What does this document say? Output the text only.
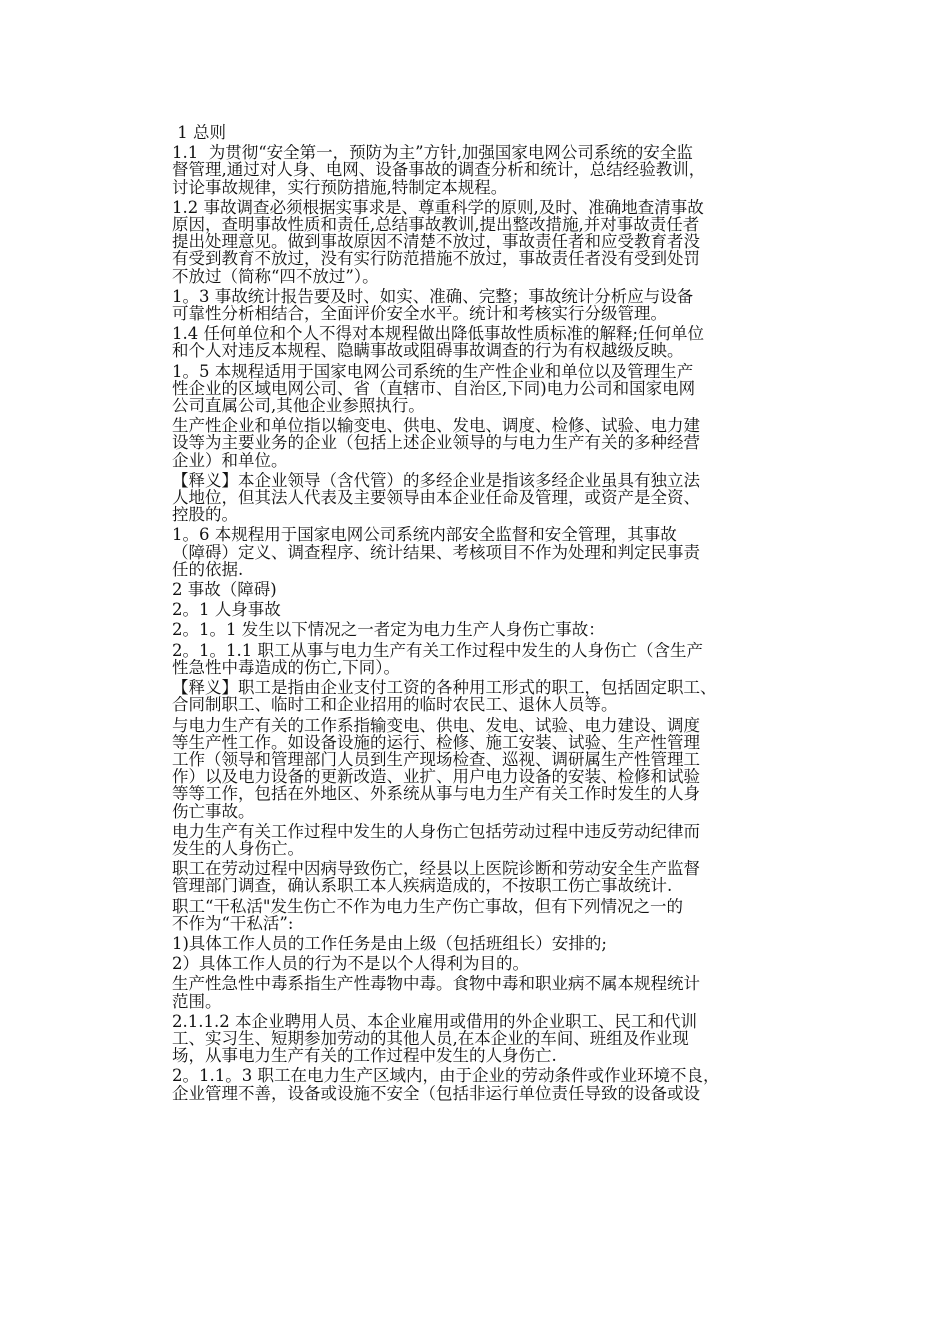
1 总则
1.1  为贯彻“安全第一，预防为主”方针,加强国家电网公司系统的安全监
督管理,通过对人身、电网、设备事故的调查分析和统计，总结经验教训，
讨论事故规律，实行预防措施,特制定本规程。
1.2 事故调查必须根据实事求是、尊重科学的原则,及时、准确地查清事故
原因，查明事故性质和责任,总结事故教训,提出整改措施,并对事故责任者
提出处理意见。做到事故原因不清楚不放过，事故责任者和应受教育者没
有受到教育不放过，没有实行防范措施不放过，事故责任者没有受到处罚
不放过（简称“四不放过”）。
1。3 事故统计报告要及时、如实、准确、完整；事故统计分析应与设备
可靠性分析相结合，全面评价安全水平。统计和考核实行分级管理。
1.4 任何单位和个人不得对本规程做出降低事故性质标准的解释;任何单位
和个人对违反本规程、隐瞒事故或阻碍事故调查的行为有权越级反映。
1。5 本规程适用于国家电网公司系统的生产性企业和单位以及管理生产
性企业的区域电网公司、省（直辖市、自治区,下同)电力公司和国家电网
公司直属公司,其他企业参照执行。
生产性企业和单位指以输变电、供电、发电、调度、检修、试验、电力建
设等为主要业务的企业（包括上述企业领导的与电力生产有关的多种经营
企业）和单位。
【释义】本企业领导（含代管）的多经企业是指该多经企业虽具有独立法
人地位，但其法人代表及主要领导由本企业任命及管理，或资产是全资、
控股的。
1。6 本规程用于国家电网公司系统内部安全监督和安全管理，其事故
（障碍）定义、调查程序、统计结果、考核项目不作为处理和判定民事责
任的依据.
2 事故（障碍)
2。1 人身事故
2。1。1 发生以下情况之一者定为电力生产人身伤亡事故：
2。1。1.1 职工从事与电力生产有关工作过程中发生的人身伤亡（含生产
性急性中毒造成的伤亡,下同）。
【释义】职工是指由企业支付工资的各种用工形式的职工，包括固定职工、
合同制职工、临时工和企业招用的临时农民工、退休人员等。
与电力生产有关的工作系指输变电、供电、发电、试验、电力建设、调度
等生产性工作。如设备设施的运行、检修、施工安装、试验、生产性管理
工作（领导和管理部门人员到生产现场检查、巡视、调研属生产性管理工
作）以及电力设备的更新改造、业扩、用户电力设备的安装、检修和试验
等等工作，包括在外地区、外系统从事与电力生产有关工作时发生的人身
伤亡事故。
电力生产有关工作过程中发生的人身伤亡包括劳动过程中违反劳动纪律而
发生的人身伤亡。
职工在劳动过程中因病导致伤亡，经县以上医院诊断和劳动安全生产监督
管理部门调查，确认系职工本人疾病造成的，不按职工伤亡事故统计.
职工“干私活"发生伤亡不作为电力生产伤亡事故，但有下列情况之一的
不作为“干私活”:
1)具体工作人员的工作任务是由上级（包括班组长）安排的;
2）具体工作人员的行为不是以个人得利为目的。
生产性急性中毒系指生产性毒物中毒。食物中毒和职业病不属本规程统计
范围。
2.1.1.2 本企业聘用人员、本企业雇用或借用的外企业职工、民工和代训
工、实习生、短期参加劳动的其他人员,在本企业的车间、班组及作业现
场，从事电力生产有关的工作过程中发生的人身伤亡.
2。1.1。3 职工在电力生产区域内，由于企业的劳动条件或作业环境不良，
企业管理不善，设备或设施不安全（包括非运行单位责任导致的设备或设
